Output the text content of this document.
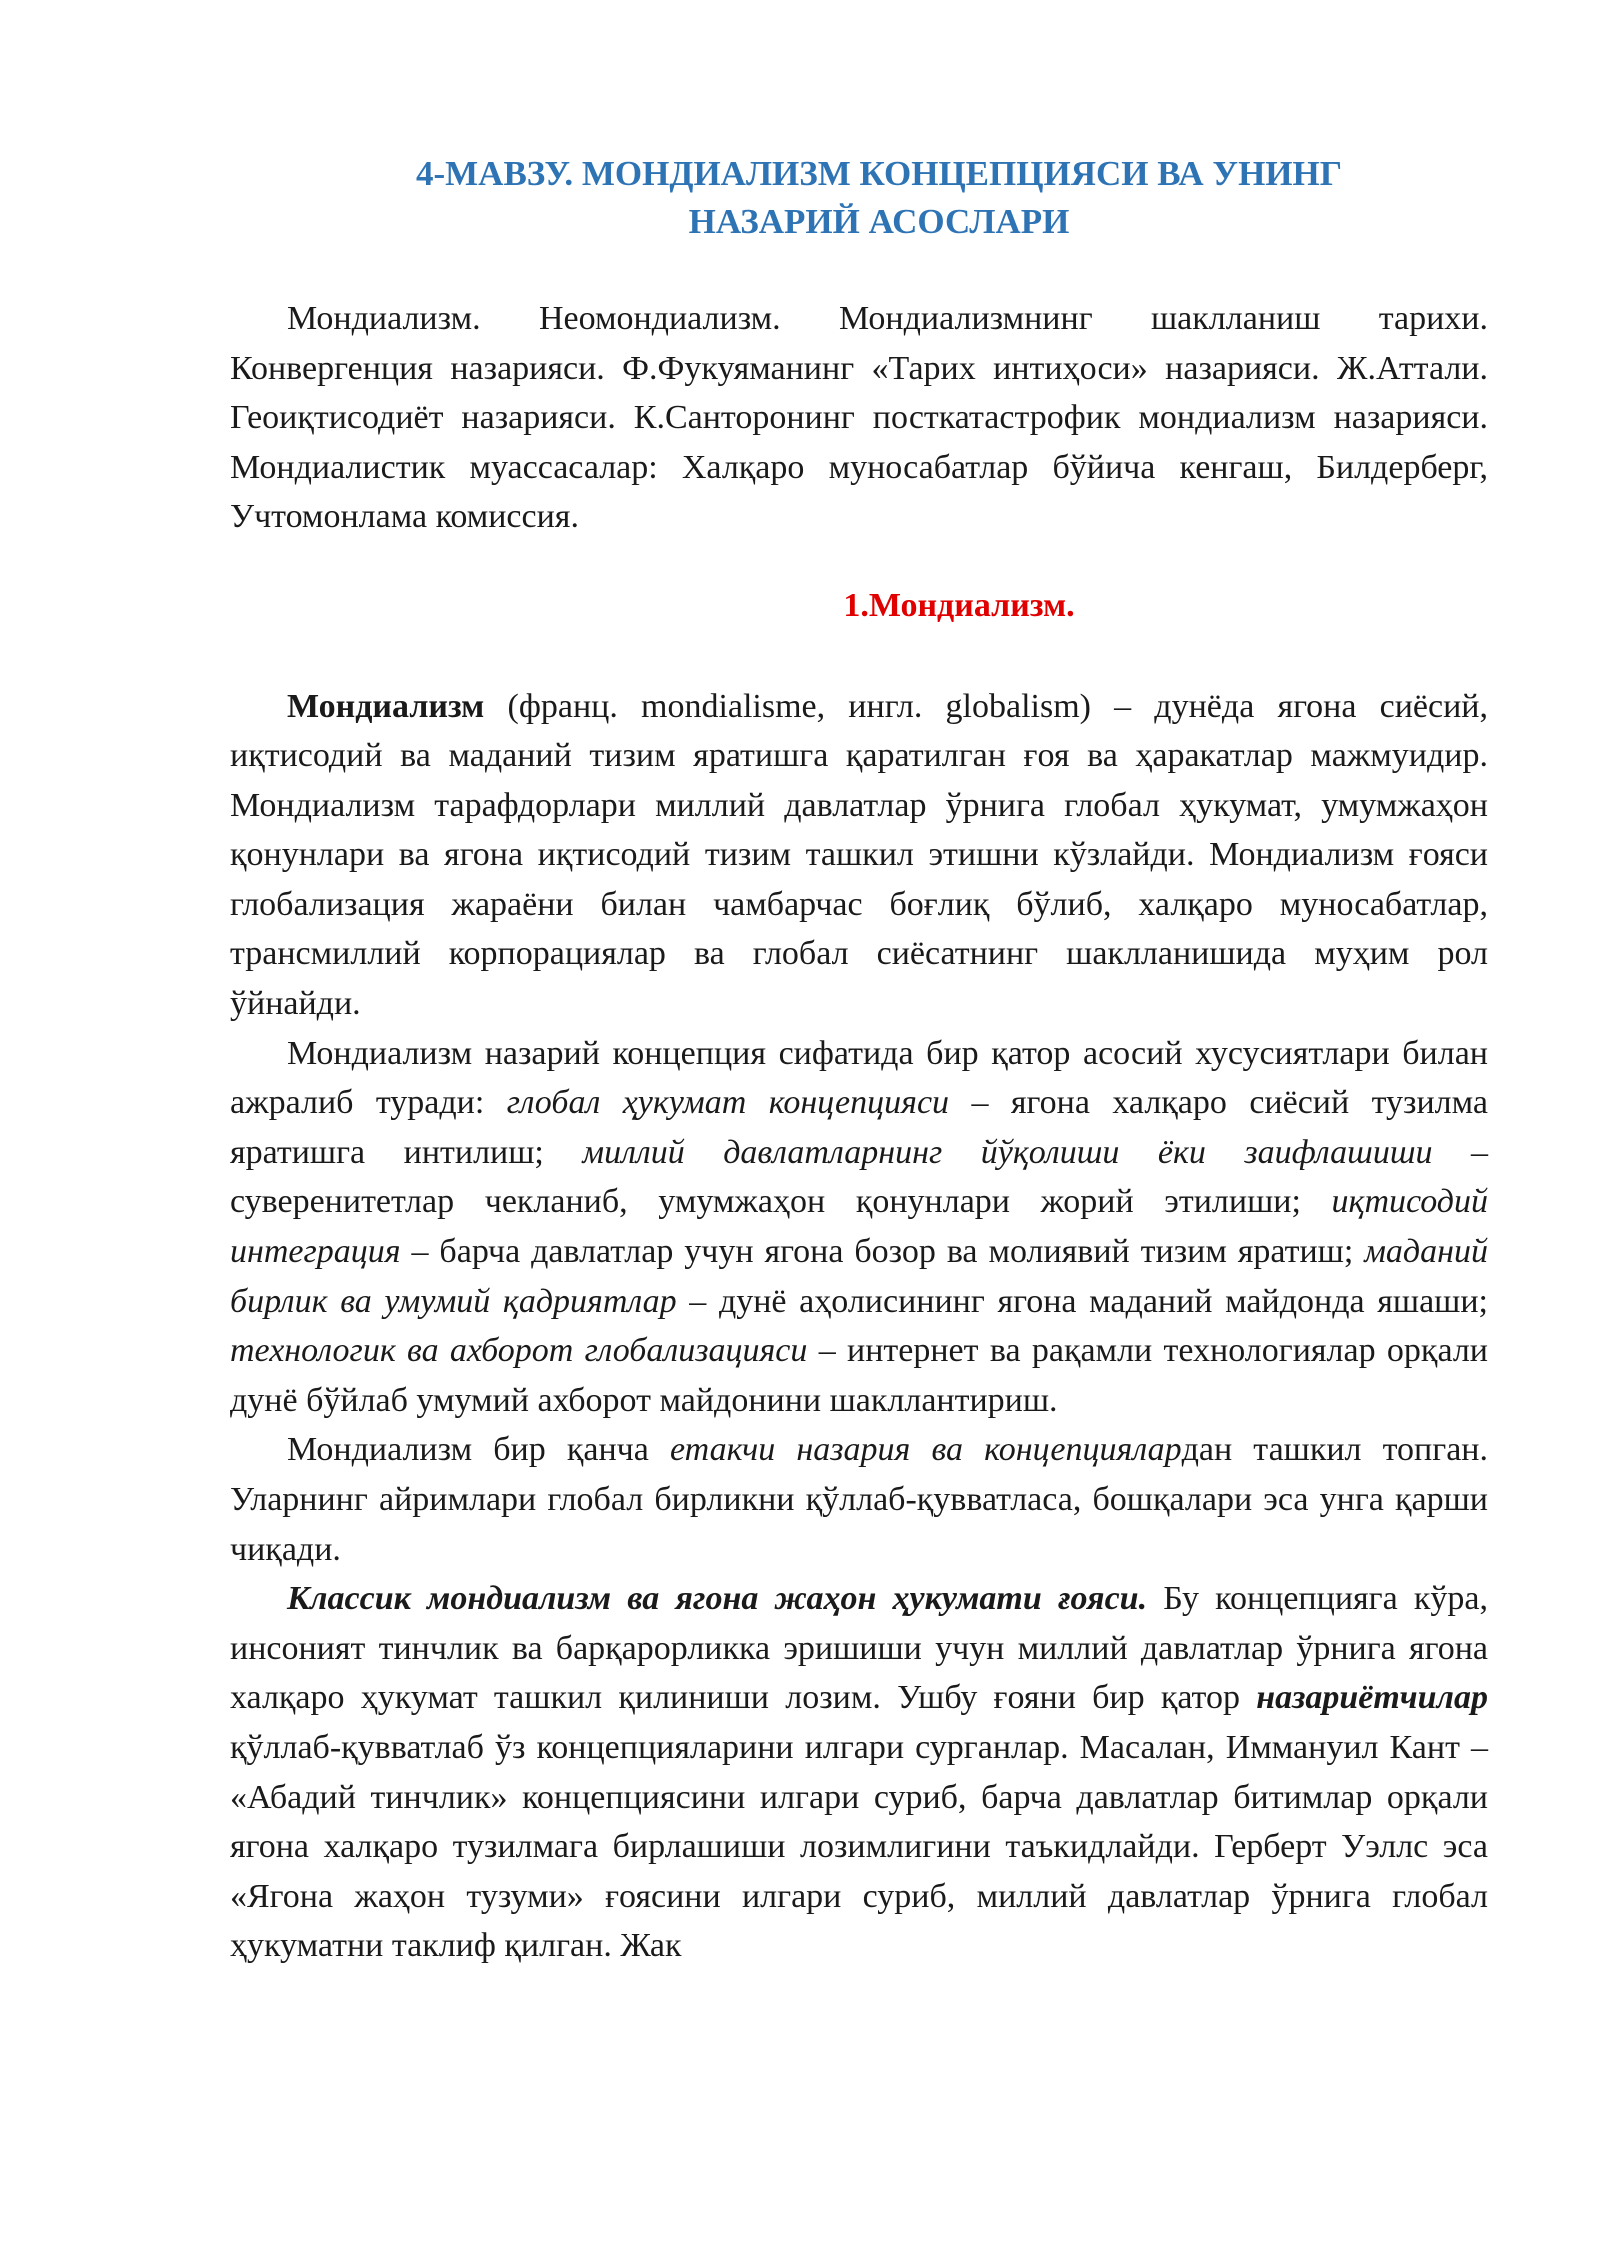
4-МАВЗУ. МОНДИАЛИЗМ КОНЦЕПЦИЯСИ ВА УНИНГ
НАЗАРИЙ АСОСЛАРИ

Мондиализм. Неомондиализм. Мондиализмнинг шаклланиш тарихи. Конвергенция назарияси. Ф.Фукуяманинг «Тарих интиҳоси» назарияси. Ж.Аттали. Геоиқтисодиёт назарияси. К.Санторонинг посткатастрофик мондиализм назарияси. Мондиалистик муассасалар: Халқаро муносабатлар бўйича кенгаш, Билдерберг, Учтомонлама комиссия.

1.Мондиализм.

Мондиализм (франц. mondialisme, ингл. globalism) – дунёда ягона сиёсий, иқтисодий ва маданий тизим яратишга қаратилган ғоя ва ҳаракатлар мажмуидир. Мондиализм тарафдорлари миллий давлатлар ўрнига глобал ҳукумат, умумжаҳон қонунлари ва ягона иқтисодий тизим ташкил этишни кўзлайди. Мондиализм ғояси глобализация жараёни билан чамбарчас боғлиқ бўлиб, халқаро муносабатлар, трансмиллий корпорациялар ва глобал сиёсатнинг шаклланишида муҳим рол ўйнайди.

Мондиализм назарий концепция сифатида бир қатор асосий хусусиятлари билан ажралиб туради: глобал ҳукумат концепцияси – ягона халқаро сиёсий тузилма яратишга интилиш; миллий давлатларнинг йўқолиши ёки заифлашиши – суверенитетлар чекланиб, умумжаҳон қонунлари жорий этилиши; иқтисодий интеграция – барча давлатлар учун ягона бозор ва молиявий тизим яратиш; маданий бирлик ва умумий қадриятлар – дунё аҳолисининг ягона маданий майдонда яшаши; технологик ва ахборот глобализацияси – интернет ва рақамли технологиялар орқали дунё бўйлаб умумий ахборот майдонини шакллантириш.

Мондиализм бир қанча етакчи назария ва концепциялардан ташкил топган. Уларнинг айримлари глобал бирликни қўллаб-қувватласа, бошқалари эса унга қарши чиқади.

Классик мондиализм ва ягона жаҳон ҳукумати ғояси. Бу концепцияга кўра, инсоният тинчлик ва барқарорликка эришиши учун миллий давлатлар ўрнига ягона халқаро ҳукумат ташкил қилиниши лозим. Ушбу ғояни бир қатор назариётчилар қўллаб-қувватлаб ўз концепцияларини илгари сурганлар. Масалан, Иммануил Кант – «Абадий тинчлик» концепциясини илгари суриб, барча давлатлар битимлар орқали ягона халқаро тузилмага бирлашиши лозимлигини таъкидлайди. Герберт Уэллс эса «Ягона жаҳон тузуми» ғоясини илгари суриб, миллий давлатлар ўрнига глобал ҳукуматни таклиф қилган. Жак
